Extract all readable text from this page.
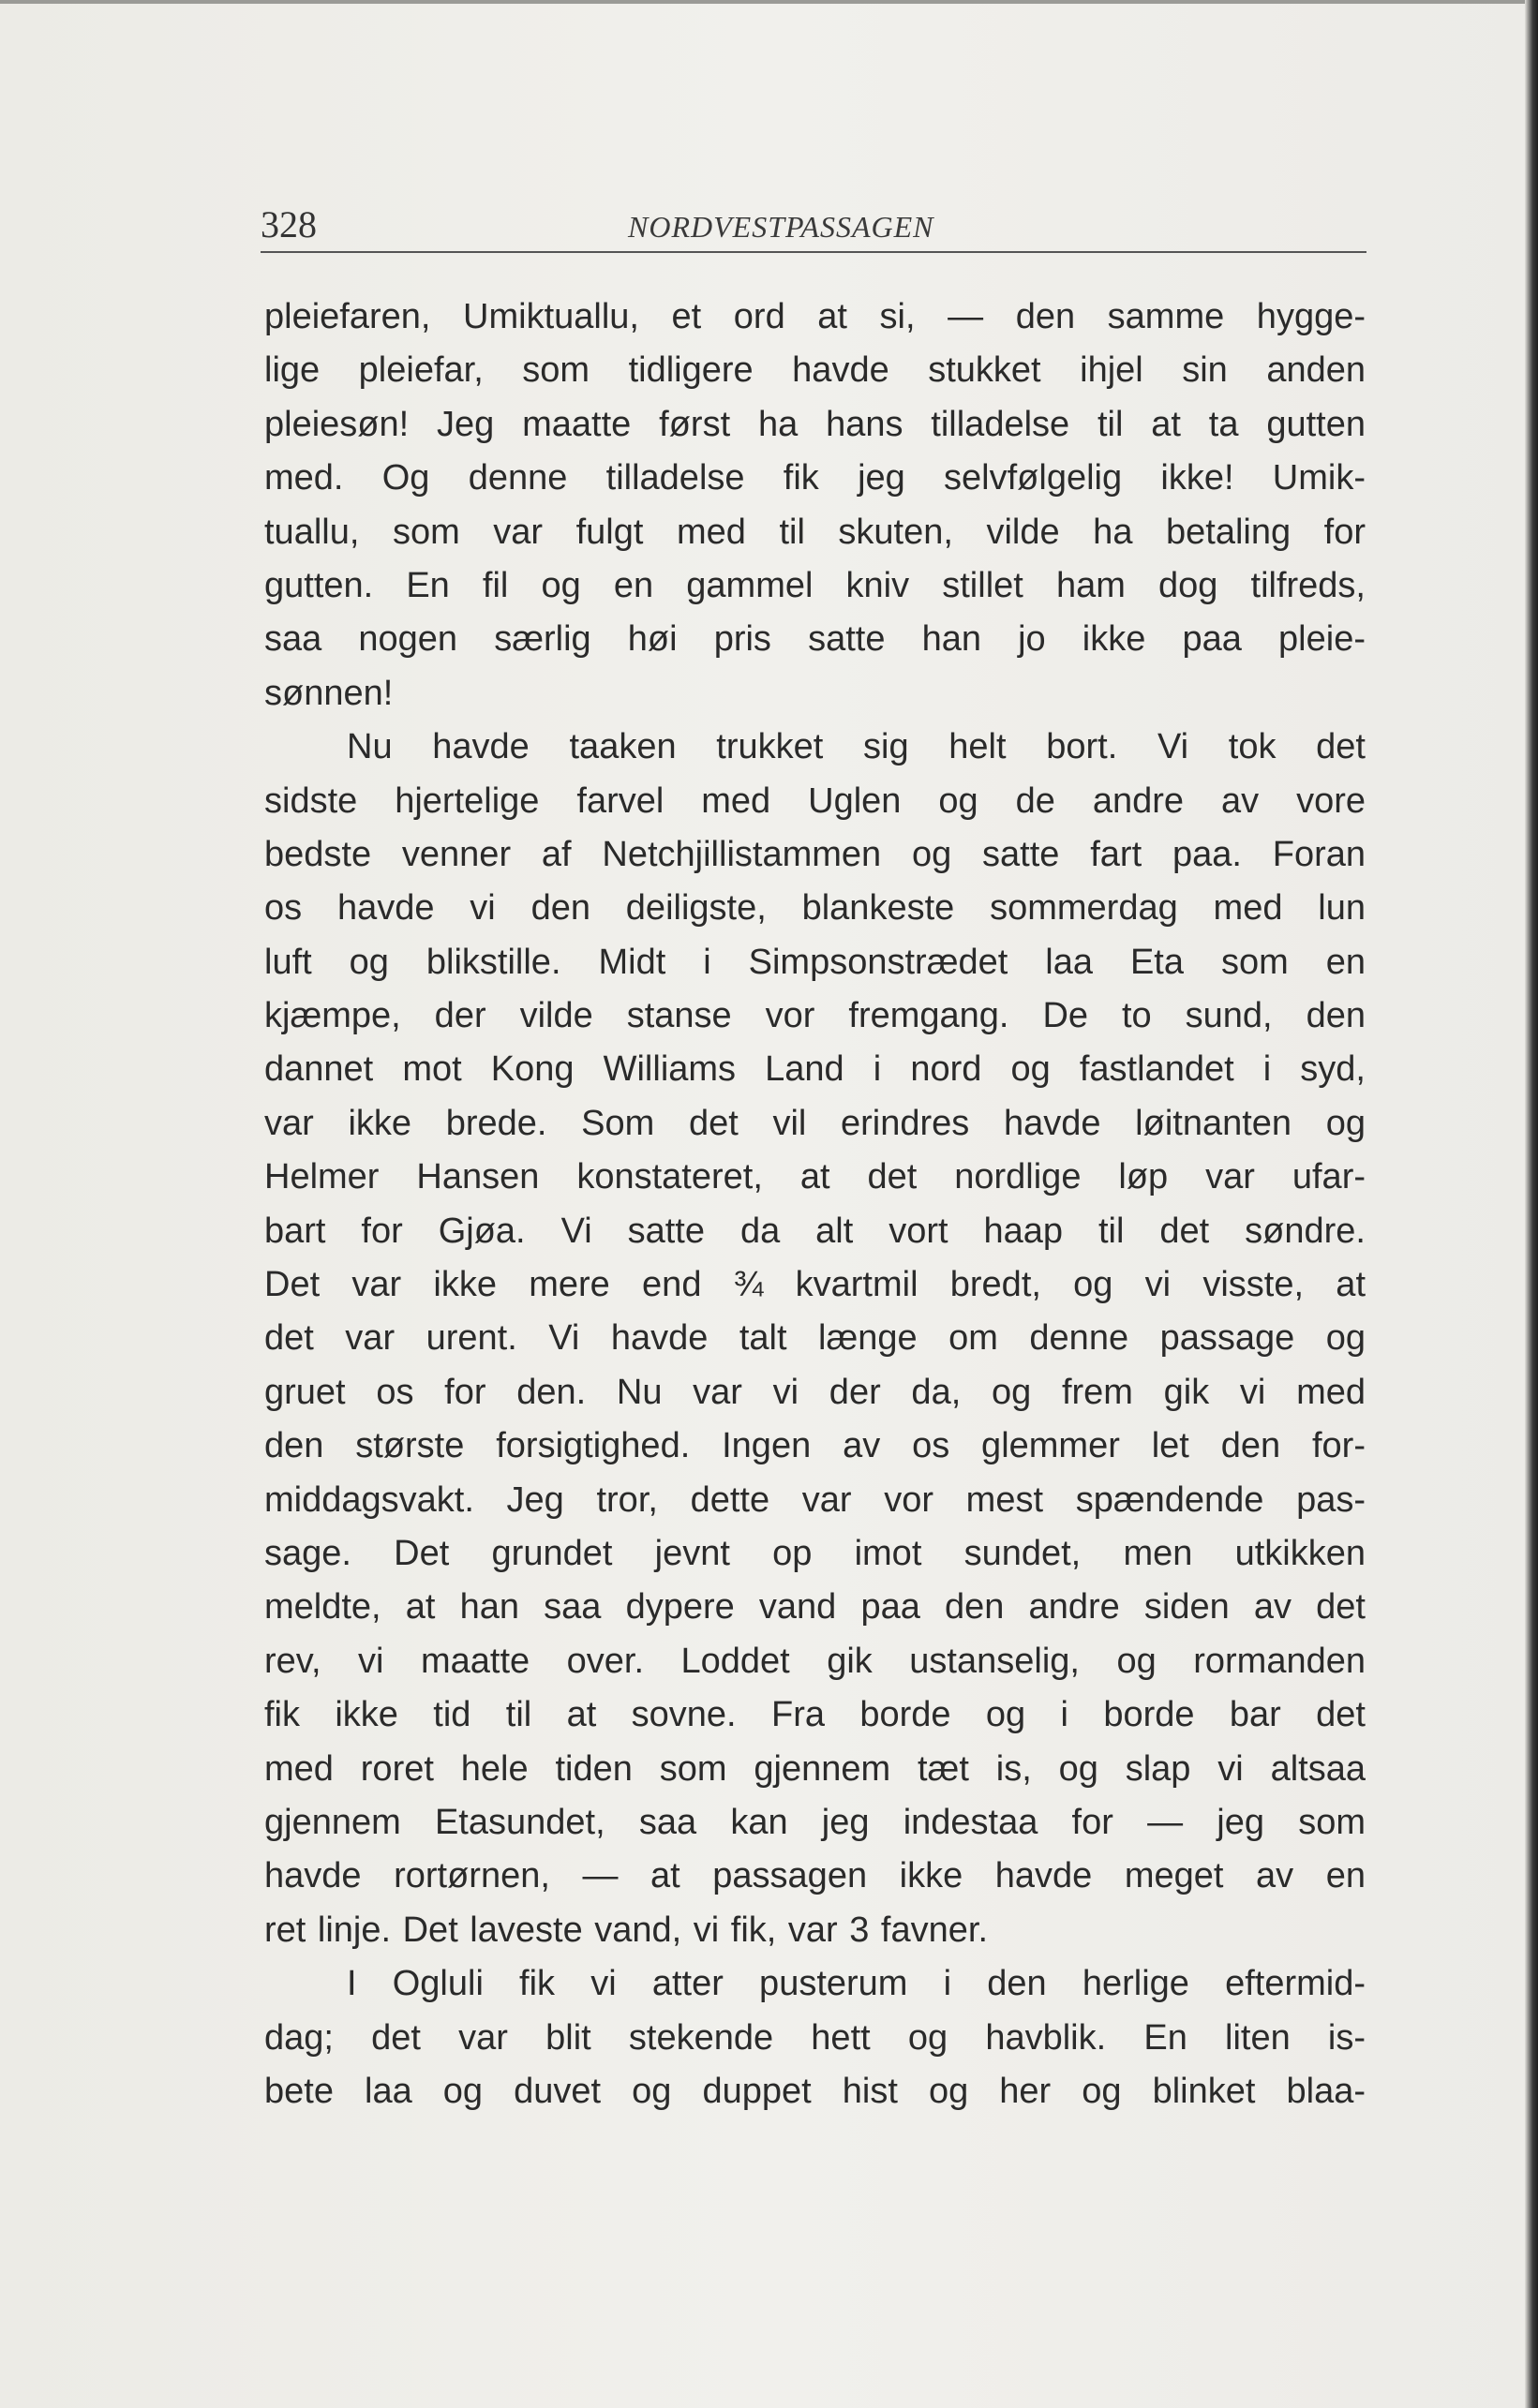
328	NORDVESTPASSAGEN
pleiefaren, Umiktuallu, et ord at si, — den samme hygge-
lige pleiefar, som tidligere havde stukket ihjel sin anden
pleiesøn! Jeg maatte først ha hans tilladelse til at ta gutten
med. Og denne tilladelse fik jeg selvfølgelig ikke! Umik-
tuallu, som var fulgt med til skuten, vilde ha betaling for
gutten. En fil og en gammel kniv stillet ham dog tilfreds,
saa nogen særlig høi pris satte han jo ikke paa pleie-
sønnen!
Nu havde taaken trukket sig helt bort. Vi tok det
sidste hjertelige farvel med Uglen og de andre av vore
bedste venner af Netchjillistammen og satte fart paa. Foran
os havde vi den deiligste, blankeste sommerdag med lun
luft og blikstille. Midt i Simpsonstrædet laa Eta som en
kjæmpe, der vilde stanse vor fremgang. De to sund, den
dannet mot Kong Williams Land i nord og fastlandet i syd,
var ikke brede. Som det vil erindres havde løitnanten og
Helmer Hansen konstateret, at det nordlige løp var ufar-
bart for Gjøa. Vi satte da alt vort haap til det søndre.
Det var ikke mere end ¾ kvartmil bredt, og vi visste, at
det var urent. Vi havde talt længe om denne passage og
gruet os for den. Nu var vi der da, og frem gik vi med
den største forsigtighed. Ingen av os glemmer let den for-
middagsvakt. Jeg tror, dette var vor mest spændende pas-
sage. Det grundet jevnt op imot sundet, men utkikken
meldte, at han saa dypere vand paa den andre siden av det
rev, vi maatte over. Loddet gik ustanselig, og rormanden
fik ikke tid til at sovne. Fra borde og i borde bar det
med roret hele tiden som gjennem tæt is, og slap vi altsaa
gjennem Etasundet, saa kan jeg indestaa for — jeg som
havde rortørnen, — at passagen ikke havde meget av en
ret linje. Det laveste vand, vi fik, var 3 favner.
I Ogluli fik vi atter pusterum i den herlige eftermid-
dag; det var blit stekende hett og havblik. En liten is-
bete laa og duvet og duppet hist og her og blinket blaa-
